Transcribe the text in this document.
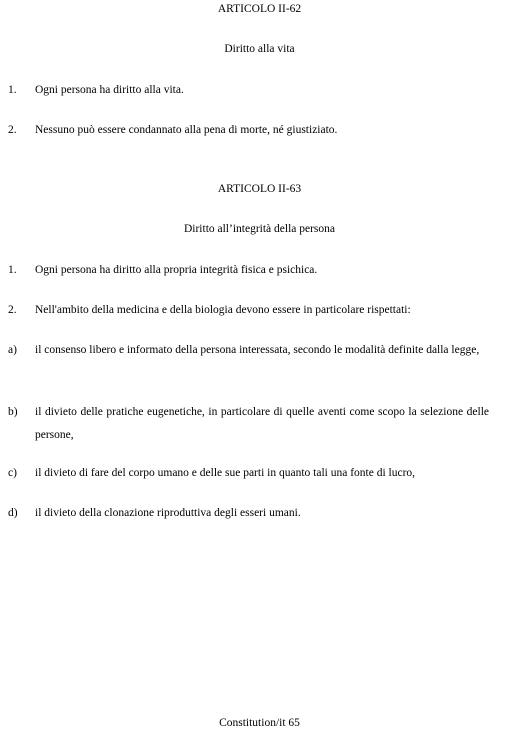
ARTICOLO II-62
Diritto alla vita
1. Ogni persona ha diritto alla vita.
2. Nessuno può essere condannato alla pena di morte, né giustiziato.
ARTICOLO II-63
Diritto all’integrità della persona
1. Ogni persona ha diritto alla propria integrità fisica e psichica.
2. Nell'ambito della medicina e della biologia devono essere in particolare rispettati:
a) il consenso libero e informato della persona interessata, secondo le modalità definite dalla legge,
b) il divieto delle pratiche eugenetiche, in particolare di quelle aventi come scopo la selezione delle persone,
c) il divieto di fare del corpo umano e delle sue parti in quanto tali una fonte di lucro,
d) il divieto della clonazione riproduttiva degli esseri umani.
Constitution/it 65
